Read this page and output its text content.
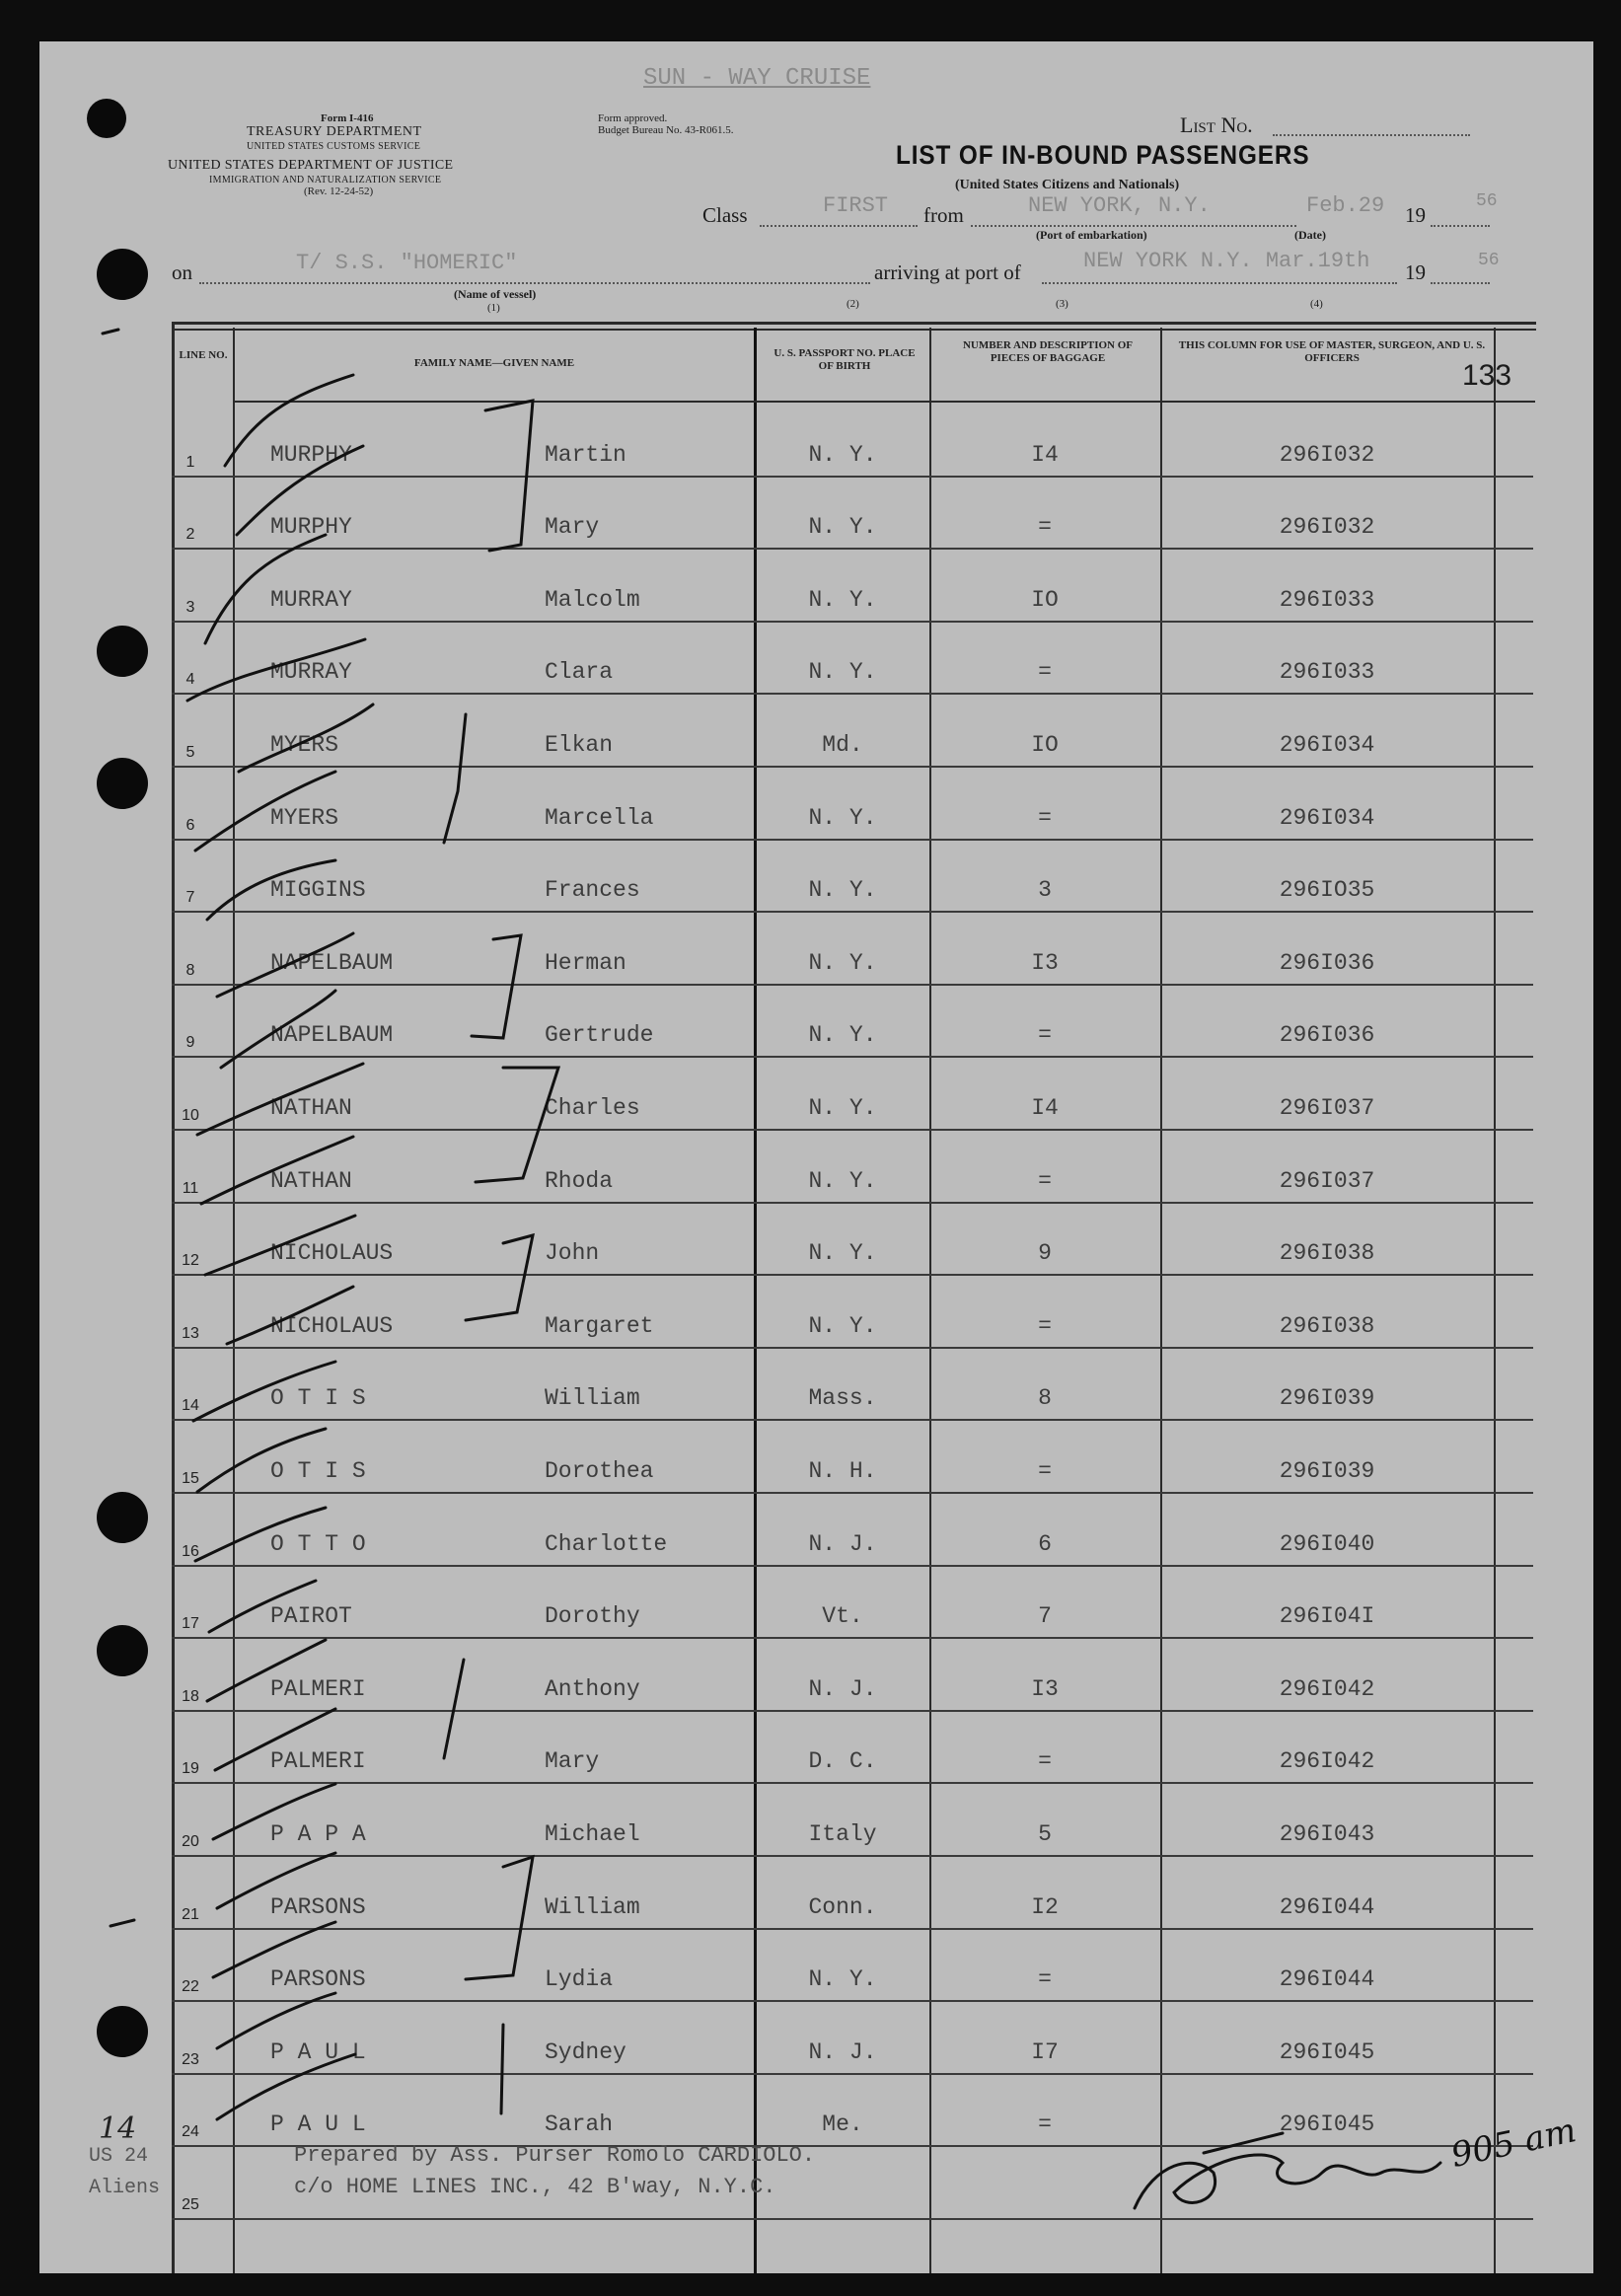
SUN - WAY CRUISE
Form I-416
TREASURY DEPARTMENT
UNITED STATES CUSTOMS SERVICE
UNITED STATES DEPARTMENT OF JUSTICE
IMMIGRATION AND NATURALIZATION SERVICE
(Rev. 12-24-52)
Form approved.
Budget Bureau No. 43-R061.5.	List No.
LIST OF IN-BOUND PASSENGERS
(United States Citizens and Nationals)
Class	FIRST from	NEW YORK, N.Y.
(Port of embarkation)
Feb.29
(Date)
19
56
on	T/ S.S. "HOMERIC"
(Name of vessel)
(1)
arriving at port of	NEW YORK N.Y. Mar.19th 19	56
(2)	(3)	(4)
133
LINE NO.
FAMILY NAME—GIVEN NAME
U. S. PASSPORT NO. PLACE OF BIRTH
NUMBER AND DESCRIPTION OF PIECES OF BAGGAGE
THIS COLUMN FOR USE OF MASTER, SURGEON, AND U. S. OFFICERS
1	MURPHY	Martin	N. Y.	I4	296I032
2	MURPHY	Mary	N. Y.	=	296I032
3	MURRAY	Malcolm	N. Y.	IO	296I033
4	MURRAY	Clara	N. Y.	=	296I033
5	MYERS	Elkan	Md.	IO	296I034
6	MYERS	Marcella	N. Y.	=	296I034
7	MIGGINS	Frances	N. Y.	3	296IO35
8	NAPELBAUM	Herman	N. Y.	I3	296I036
9	NAPELBAUM	Gertrude	N. Y.	=	296I036
10	NATHAN	Charles	N. Y.	I4	296I037
11	NATHAN	Rhoda	N. Y.	=	296I037
12	NICHOLAUS	John	N. Y.	9	296I038
13	NICHOLAUS	Margaret	N. Y.	=	296I038
14	O T I S	William	Mass.	8	296I039
15	O T I S	Dorothea	N. H.	=	296I039
16	O T T O	Charlotte	N. J.	6	296I040
17	PAIROT	Dorothy	Vt.	7	296I04I
18	PALMERI	Anthony	N. J.	I3	296I042
19	PALMERI	Mary	D. C.	=	296I042
20	P A P A	Michael	Italy	5	296I043
21	PARSONS	William	Conn.	I2	296I044
22	PARSONS	Lydia	N. Y.	=	296I044
23	P A U L	Sydney	N. J.	I7	296I045
24	P A U L	Sarah	Me.	=	296I045
25
Prepared by Ass. Purser Romolo CARDIOLO.
c/o HOME LINES INC., 42 B'way, N.Y.C.
14
US 24
Aliens
905 am
